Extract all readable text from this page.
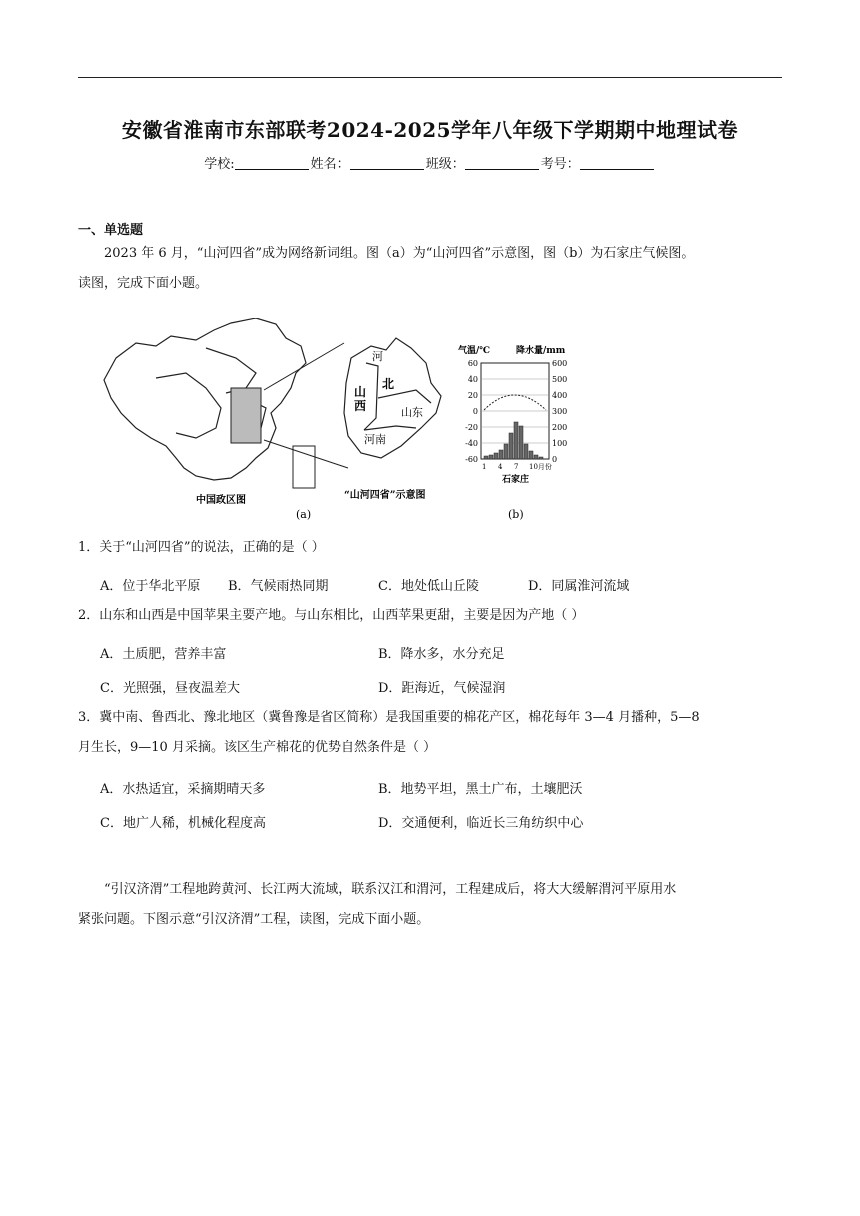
安徽省淮南市东部联考2024-2025学年八年级下学期期中地理试卷
学校:	姓名：	班级：	考号：
一、单选题
2023 年 6 月，“山河四省”成为网络新词组。图（a）为“山河四省”示意图，图（b）为石家庄气候图。
读图，完成下面小题。
山西
北
河
山东
河南
中国政区图	“山河四省”示意图
(a)
气温/℃	降水量/mm
60
40
20
0
-20
-40
-60
600
500
400
300
200
100
0
1 4 7 10月份
石家庄
(b)
1．关于“山河四省”的说法，正确的是（ ）
A．位于华北平原 B．气候雨热同期	C．地处低山丘陵	D．同属淮河流域
2．山东和山西是中国苹果主要产地。与山东相比，山西苹果更甜，主要是因为产地（ ）
A．土质肥，营养丰富	B．降水多，水分充足
C．光照强，昼夜温差大	D．距海近，气候湿润
3．冀中南、鲁西北、豫北地区（冀鲁豫是省区简称）是我国重要的棉花产区，棉花每年 3—4 月播种，5—8
月生长，9—10 月采摘。该区生产棉花的优势自然条件是（ ）
A．水热适宜，采摘期晴天多	B．地势平坦，黑土广布，土壤肥沃
C．地广人稀，机械化程度高	D．交通便利，临近长三角纺织中心
“引汉济渭”工程地跨黄河、长江两大流域，联系汉江和渭河，工程建成后，将大大缓解渭河平原用水
紧张问题。下图示意“引汉济渭”工程，读图，完成下面小题。
